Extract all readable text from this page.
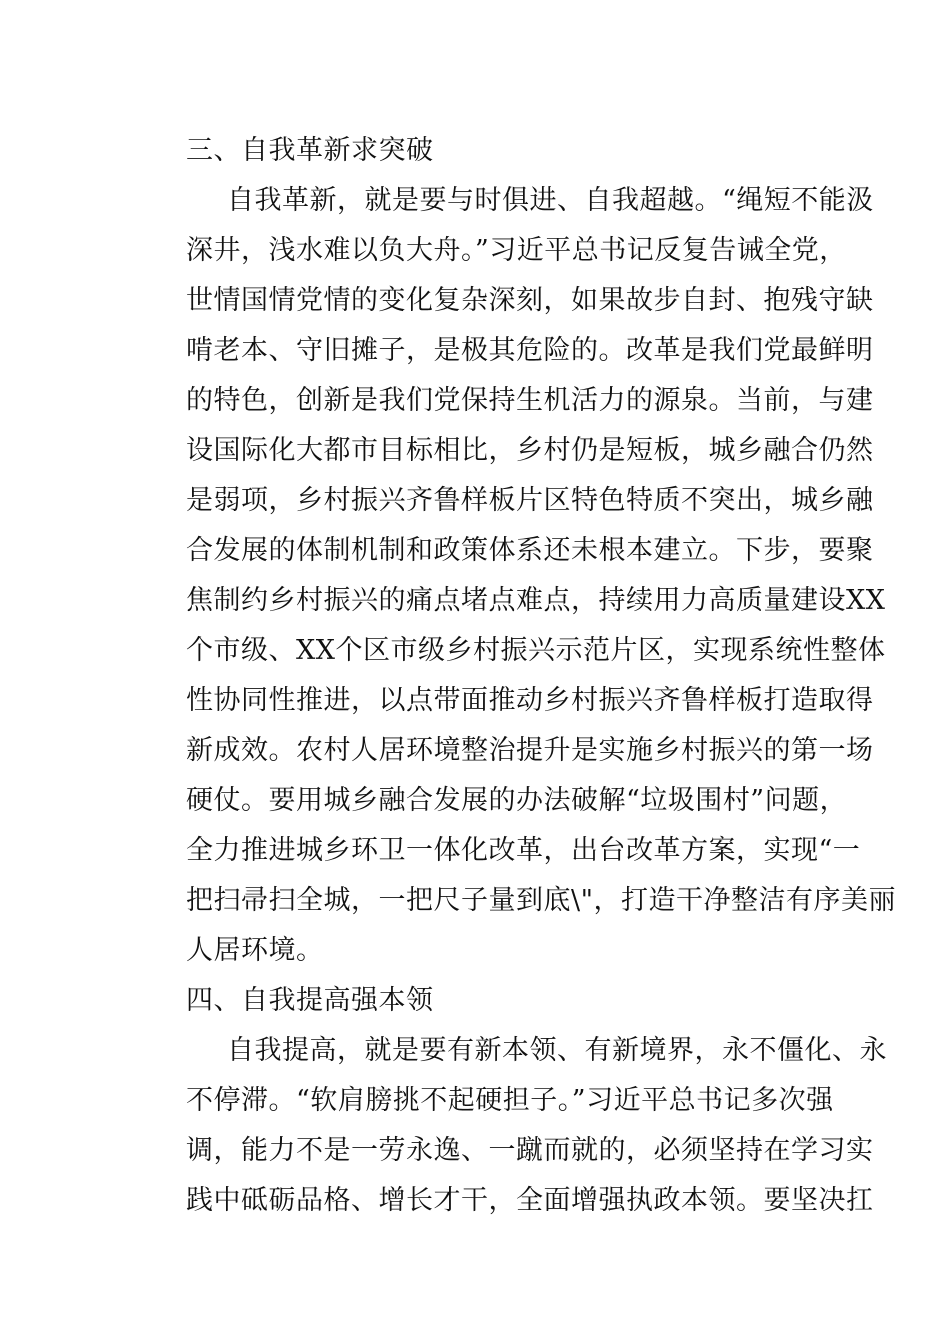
三、自我革新求突破
自我革新，就是要与时俱进、自我超越。“绳短不能汲
深井，浅水难以负大舟。”习近平总书记反复告诫全党，
世情国情党情的变化复杂深刻，如果故步自封、抱残守缺
啃老本、守旧摊子，是极其危险的。改革是我们党最鲜明
的特色，创新是我们党保持生机活力的源泉。当前，与建
设国际化大都市目标相比，乡村仍是短板，城乡融合仍然
是弱项，乡村振兴齐鲁样板片区特色特质不突出，城乡融
合发展的体制机制和政策体系还未根本建立。下步，要聚
焦制约乡村振兴的痛点堵点难点，持续用力高质量建设XX
个市级、XX个区市级乡村振兴示范片区，实现系统性整体
性协同性推进，以点带面推动乡村振兴齐鲁样板打造取得
新成效。农村人居环境整治提升是实施乡村振兴的第一场
硬仗。要用城乡融合发展的办法破解“垃圾围村”问题，
全力推进城乡环卫一体化改革，出台改革方案，实现“一
把扫帚扫全城，一把尺子量到底\"，打造干净整洁有序美丽
人居环境。
四、自我提高强本领
自我提高，就是要有新本领、有新境界，永不僵化、永
不停滞。“软肩膀挑不起硬担子。”习近平总书记多次强
调，能力不是一劳永逸、一蹴而就的，必须坚持在学习实
践中砥砺品格、增长才干，全面增强执政本领。要坚决扛
